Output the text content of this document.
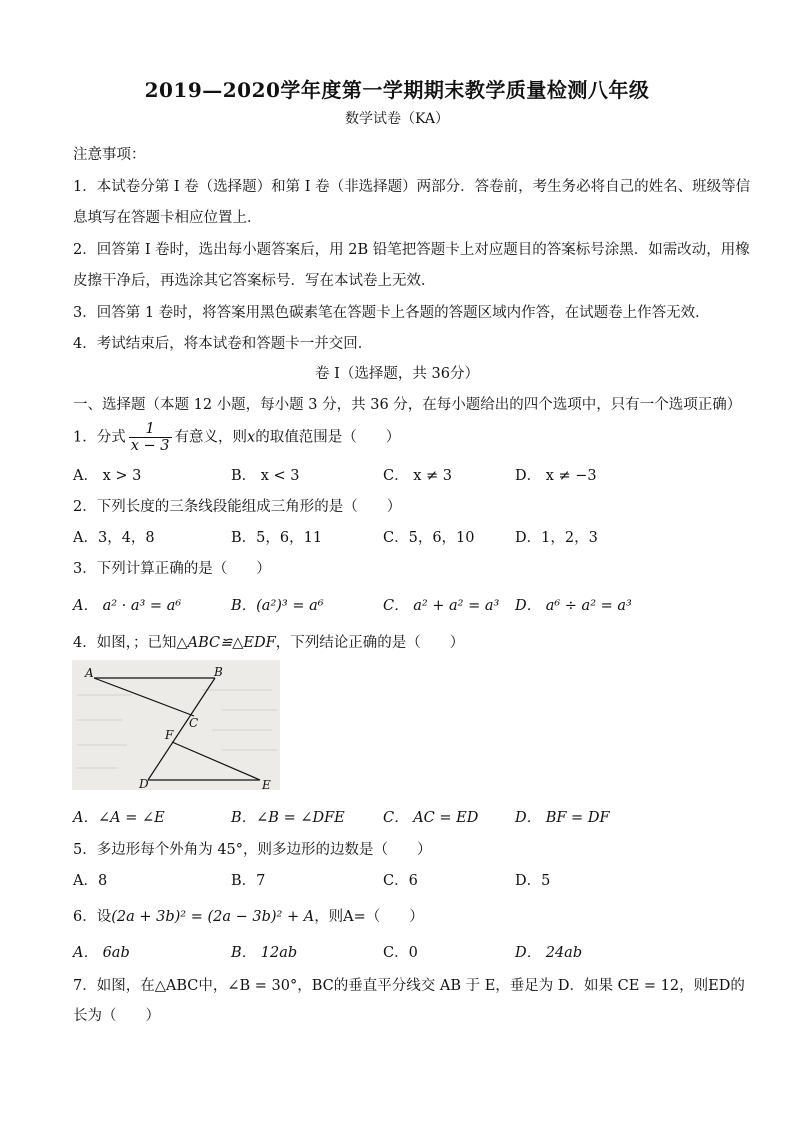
2019—2020学年度第一学期期末教学质量检测八年级
数学试卷（KA）
注意事项：
1．本试卷分第 I 卷（选择题）和第 I 卷（非选择题）两部分．答卷前，考生务必将自己的姓名、班级等信
息填写在答题卡相应位置上．
2．回答第 I 卷时，选出每小题答案后，用 2B 铅笔把答题卡上对应题目的答案标号涂黑．如需改动，用橡
皮擦干净后，再选涂其它答案标号．写在本试卷上无效．
3．回答第 1 卷时，将答案用黑色碳素笔在答题卡上各题的答题区域内作答，在试题卷上作答无效．
4．考试结束后，将本试卷和答题卡一并交回．
卷 I（选择题，共 36分）
一、选择题（本题 12 小题，每小题 3 分，共 36 分，在每小题给出的四个选项中，只有一个选项正确）
1．分式 $\frac{1}{x - 3}$ 有意义，则x的取值范围是（　　）
A． x > 3	B． x < 3	C． x ≠ 3	D． x ≠ −3
2．下列长度的三条线段能组成三角形的是（　　）
A．3，4，8	B．5，6，11	C．5，6，10	D．1，2，3
3．下列计算正确的是（　　）
A． a² · a³ = a⁶	B．(a²)³ = a⁶	C． a² + a² = a³ D． a⁶ ÷ a² = a³
4．如图，；已知△ABC≌△EDF，下列结论正确的是（　　）
A	B
C
F
D	E
A．∠A = ∠E	B．∠B = ∠DFE	C． AC = ED	D． BF = DF
5．多边形每个外角为 45°，则多边形的边数是（　　）
A．8	B．7	C．6	D．5
6．设(2a + 3b)² = (2a − 3b)² + A，则A=（　　）
A． 6ab	B． 12ab	C．0	D． 24ab
7．如图，在△ABC中，∠B = 30°，BC的垂直平分线交 AB 于 E，垂足为 D．如果 CE = 12，则ED的
长为（　　）
